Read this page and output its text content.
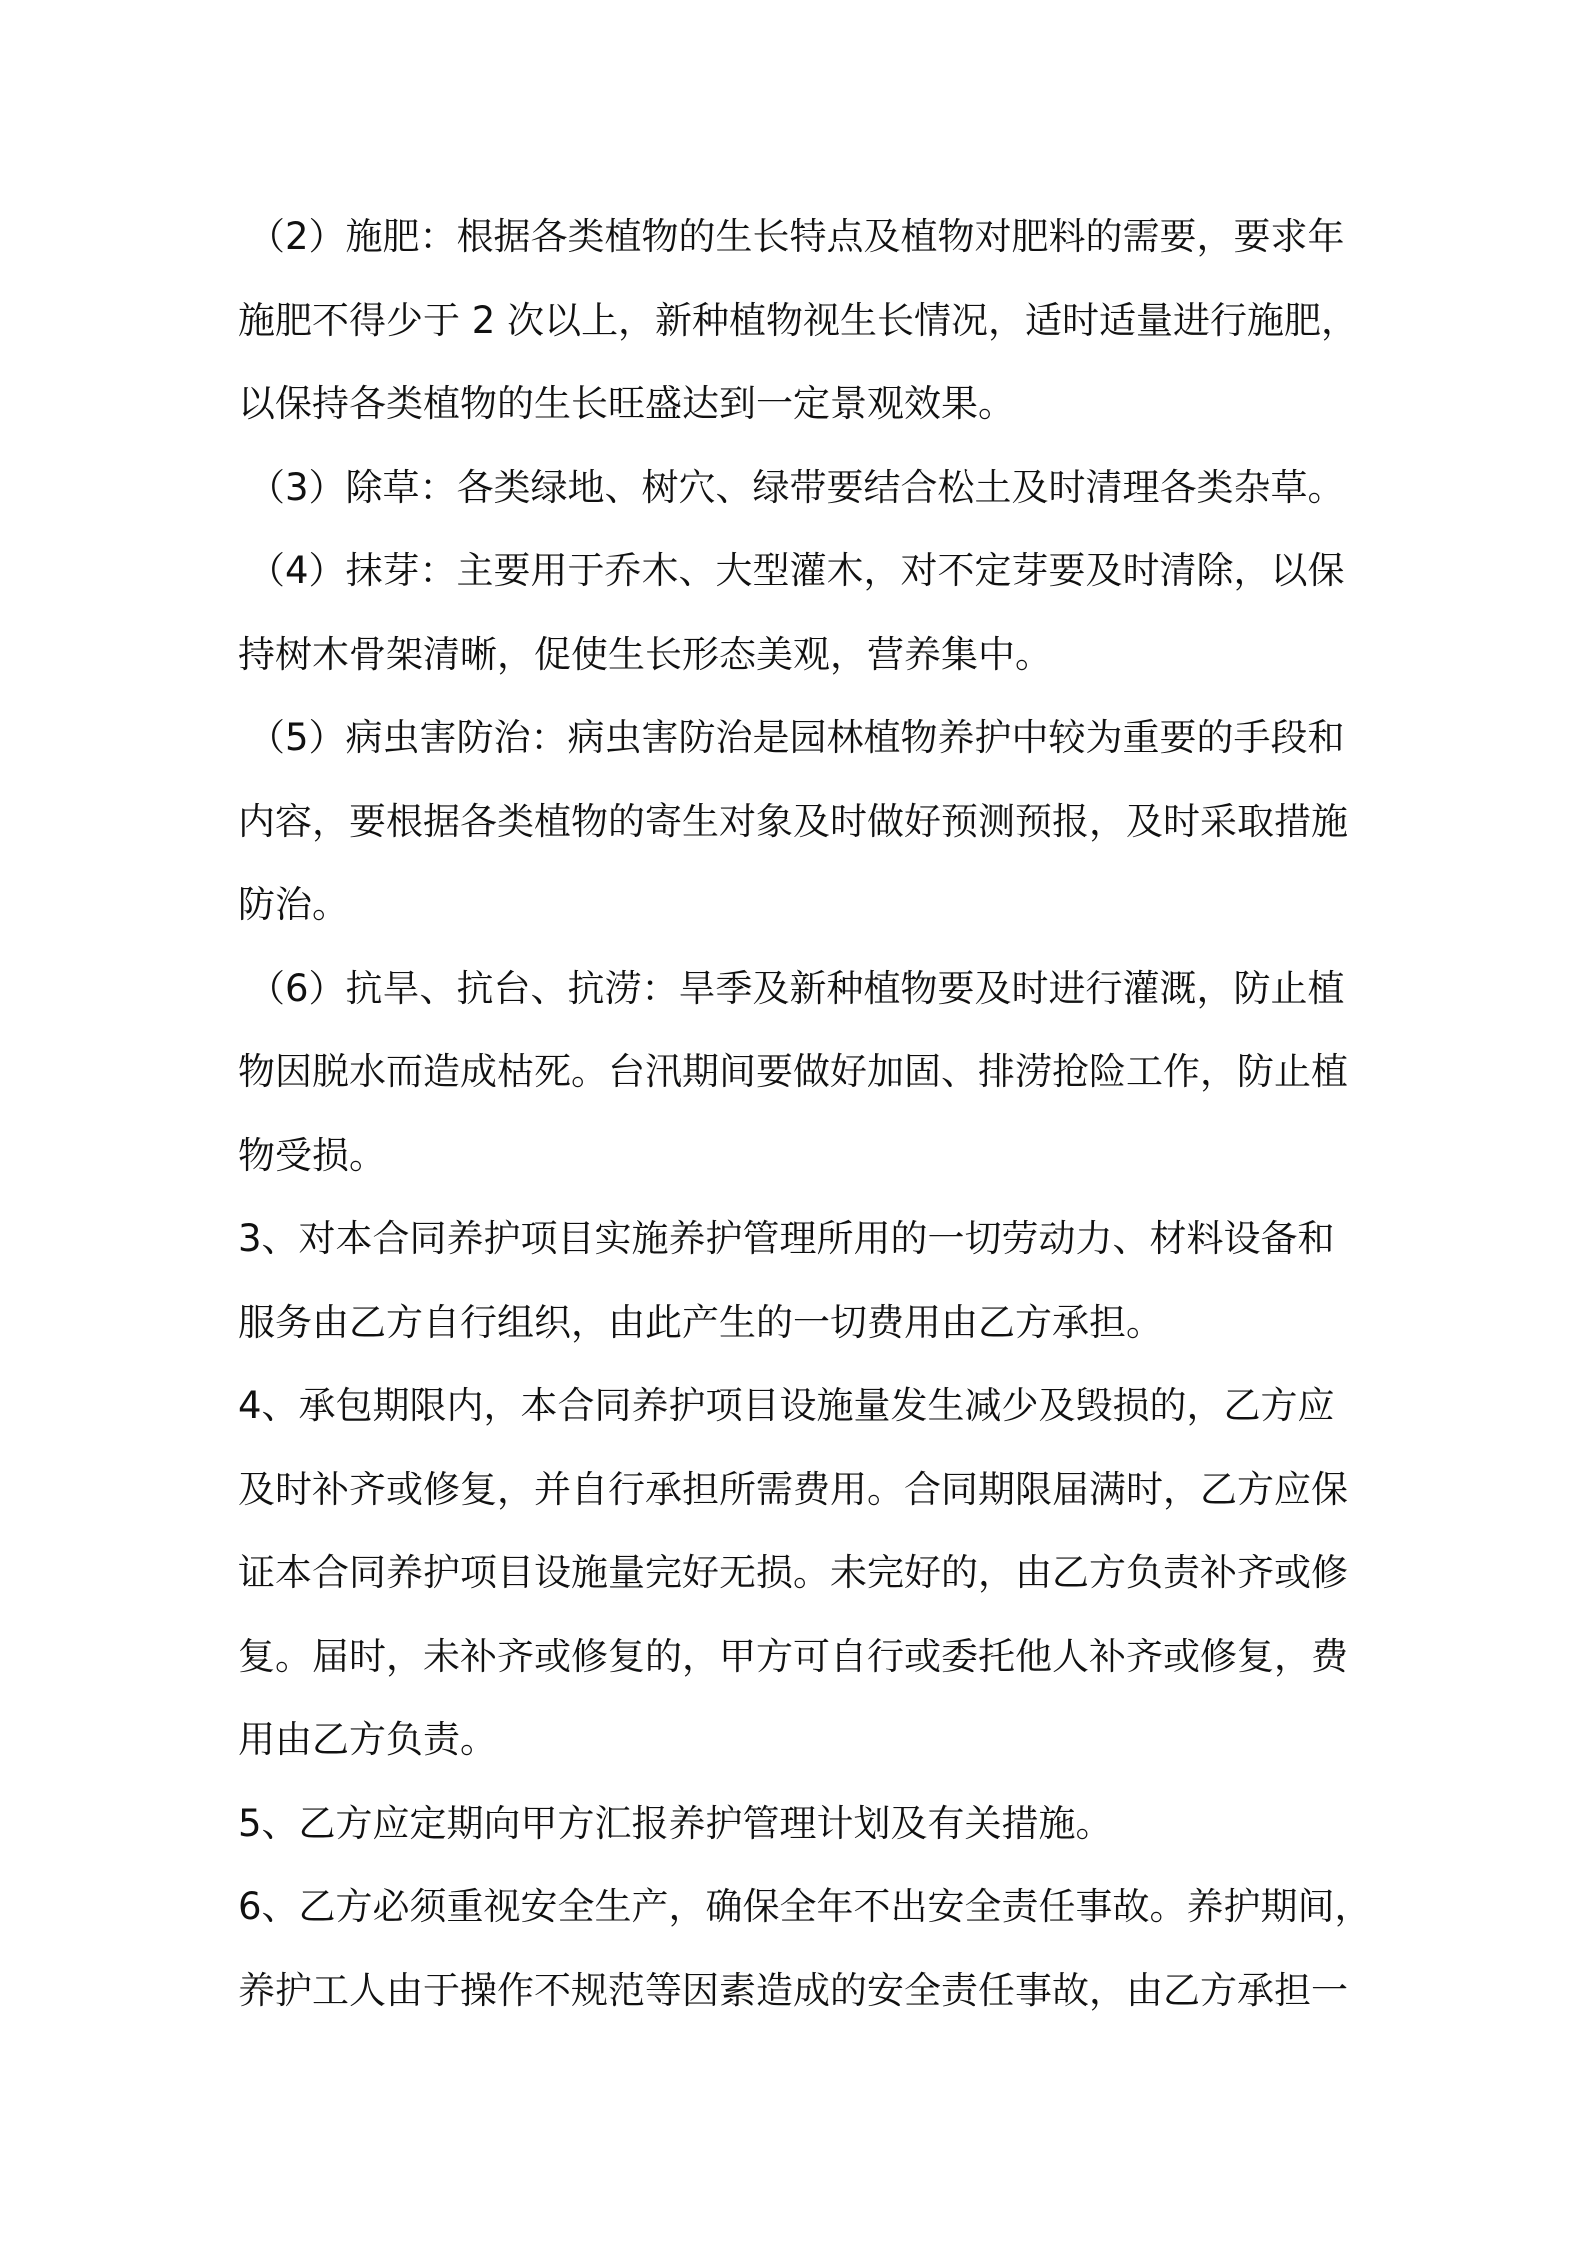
（2）施肥：根据各类植物的生长特点及植物对肥料的需要，要求年
施肥不得少于 2 次以上，新种植物视生长情况，适时适量进行施肥，
以保持各类植物的生长旺盛达到一定景观效果。

（3）除草：各类绿地、树穴、绿带要结合松土及时清理各类杂草。

（4）抹芽：主要用于乔木、大型灌木，对不定芽要及时清除，以保
持树木骨架清晰，促使生长形态美观，营养集中。

（5）病虫害防治：病虫害防治是园林植物养护中较为重要的手段和
内容，要根据各类植物的寄生对象及时做好预测预报，及时采取措施
防治。

（6）抗旱、抗台、抗涝：旱季及新种植物要及时进行灌溉，防止植
物因脱水而造成枯死。台汛期间要做好加固、排涝抢险工作，防止植
物受损。

3、对本合同养护项目实施养护管理所用的一切劳动力、材料设备和
服务由乙方自行组织，由此产生的一切费用由乙方承担。

4、承包期限内，本合同养护项目设施量发生减少及毁损的，乙方应
及时补齐或修复，并自行承担所需费用。合同期限届满时，乙方应保
证本合同养护项目设施量完好无损。未完好的，由乙方负责补齐或修
复。届时，未补齐或修复的，甲方可自行或委托他人补齐或修复，费
用由乙方负责。

5、乙方应定期向甲方汇报养护管理计划及有关措施。

6、乙方必须重视安全生产，确保全年不出安全责任事故。养护期间，
养护工人由于操作不规范等因素造成的安全责任事故，由乙方承担一
